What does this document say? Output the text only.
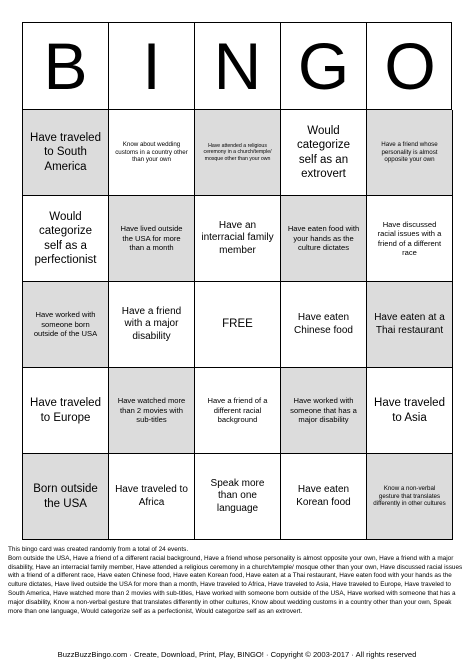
B I N G O
Have traveled to South America
Know about wedding customs in a country other than your own
Have attended a religious ceremony in a church/temple/ mosque other than your own
Would categorize self as an extrovert
Have a friend whose personality is almost opposite your own
Would categorize self as a perfectionist
Have lived outside the USA for more than a month
Have an interracial family member
Have eaten food with your hands as the culture dictates
Have discussed racial issues with a friend of a different race
Have worked with someone born outside of the USA
Have a friend with a major disability
FREE
Have eaten Chinese food
Have eaten at a Thai restaurant
Have traveled to Europe
Have watched more than 2 movies with sub-titles
Have a friend of a different racial background
Have worked with someone that has a major disability
Have traveled to Asia
Born outside the USA
Have traveled to Africa
Speak more than one language
Have eaten Korean food
Know a non-verbal gesture that translates differently in other cultures
This bingo card was created randomly from a total of 24 events.
Born outside the USA, Have a friend of a different racial background, Have a friend whose personality is almost opposite your own, Have a friend with a major disability, Have an interracial family member, Have attended a religious ceremony in a church/temple/ mosque other than your own, Have discussed racial issues with a friend of a different race, Have eaten Chinese food, Have eaten Korean food, Have eaten at a Thai restaurant, Have eaten food with your hands as the culture dictates, Have lived outside the USA for more than a month, Have traveled to Africa, Have traveled to Asia, Have traveled to Europe, Have traveled to South America, Have watched more than 2 movies with sub-titles, Have worked with someone born outside of the USA, Have worked with someone that has a major disability, Know a non-verbal gesture that translates differently in other cultures, Know about wedding customs in a country other than your own, Speak more than one language, Would categorize self as a perfectionist, Would categorize self as an extrovert.
BuzzBuzzBingo.com · Create, Download, Print, Play, BINGO! · Copyright © 2003-2017 · All rights reserved
